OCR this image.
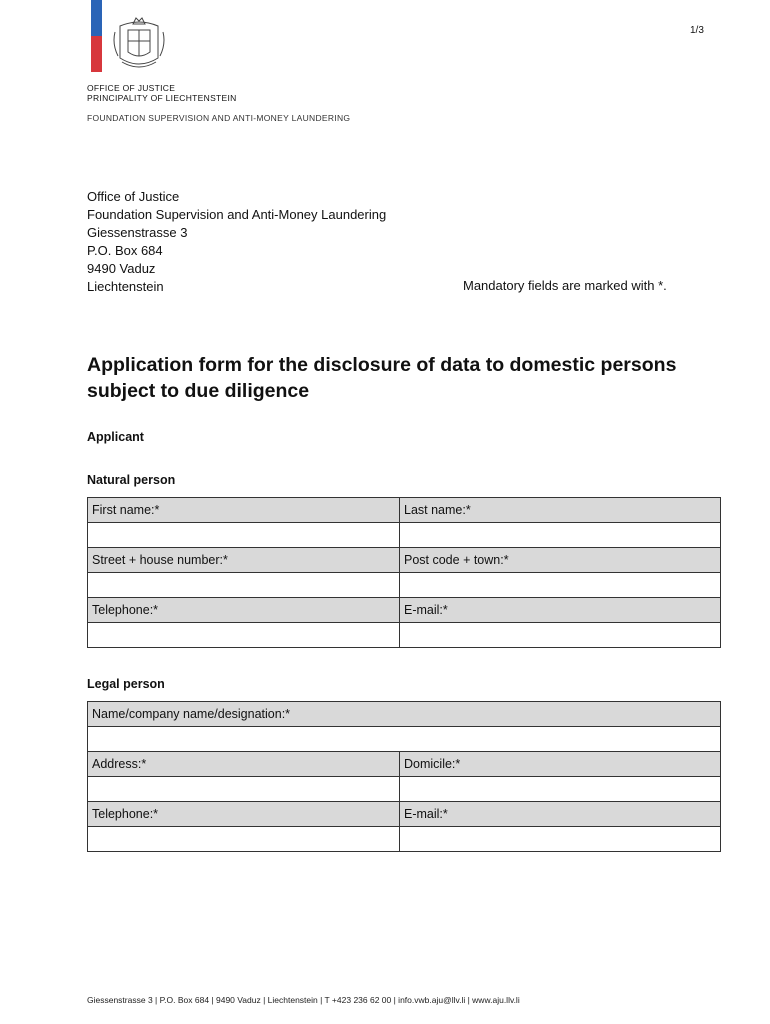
1/3
OFFICE OF JUSTICE
PRINCIPALITY OF LIECHTENSTEIN
FOUNDATION SUPERVISION AND ANTI-MONEY LAUNDERING
Office of Justice
Foundation Supervision and Anti-Money Laundering
Giessenstrasse 3
P.O. Box 684
9490 Vaduz
Liechtenstein	Mandatory fields are marked with *.
Application form for the disclosure of data to domestic persons subject to due diligence
Applicant
Natural person
First name:*	Last name:*

Street + house number:*	Post code + town:*

Telephone:*	E-mail:*

Legal person
Name/company name/designation:*	

Address:*	Domicile:*

Telephone:*	E-mail:*

Giessenstrasse 3 | P.O. Box 684 | 9490 Vaduz | Liechtenstein | T +423 236 62 00 | info.vwb.aju@llv.li | www.aju.llv.li
